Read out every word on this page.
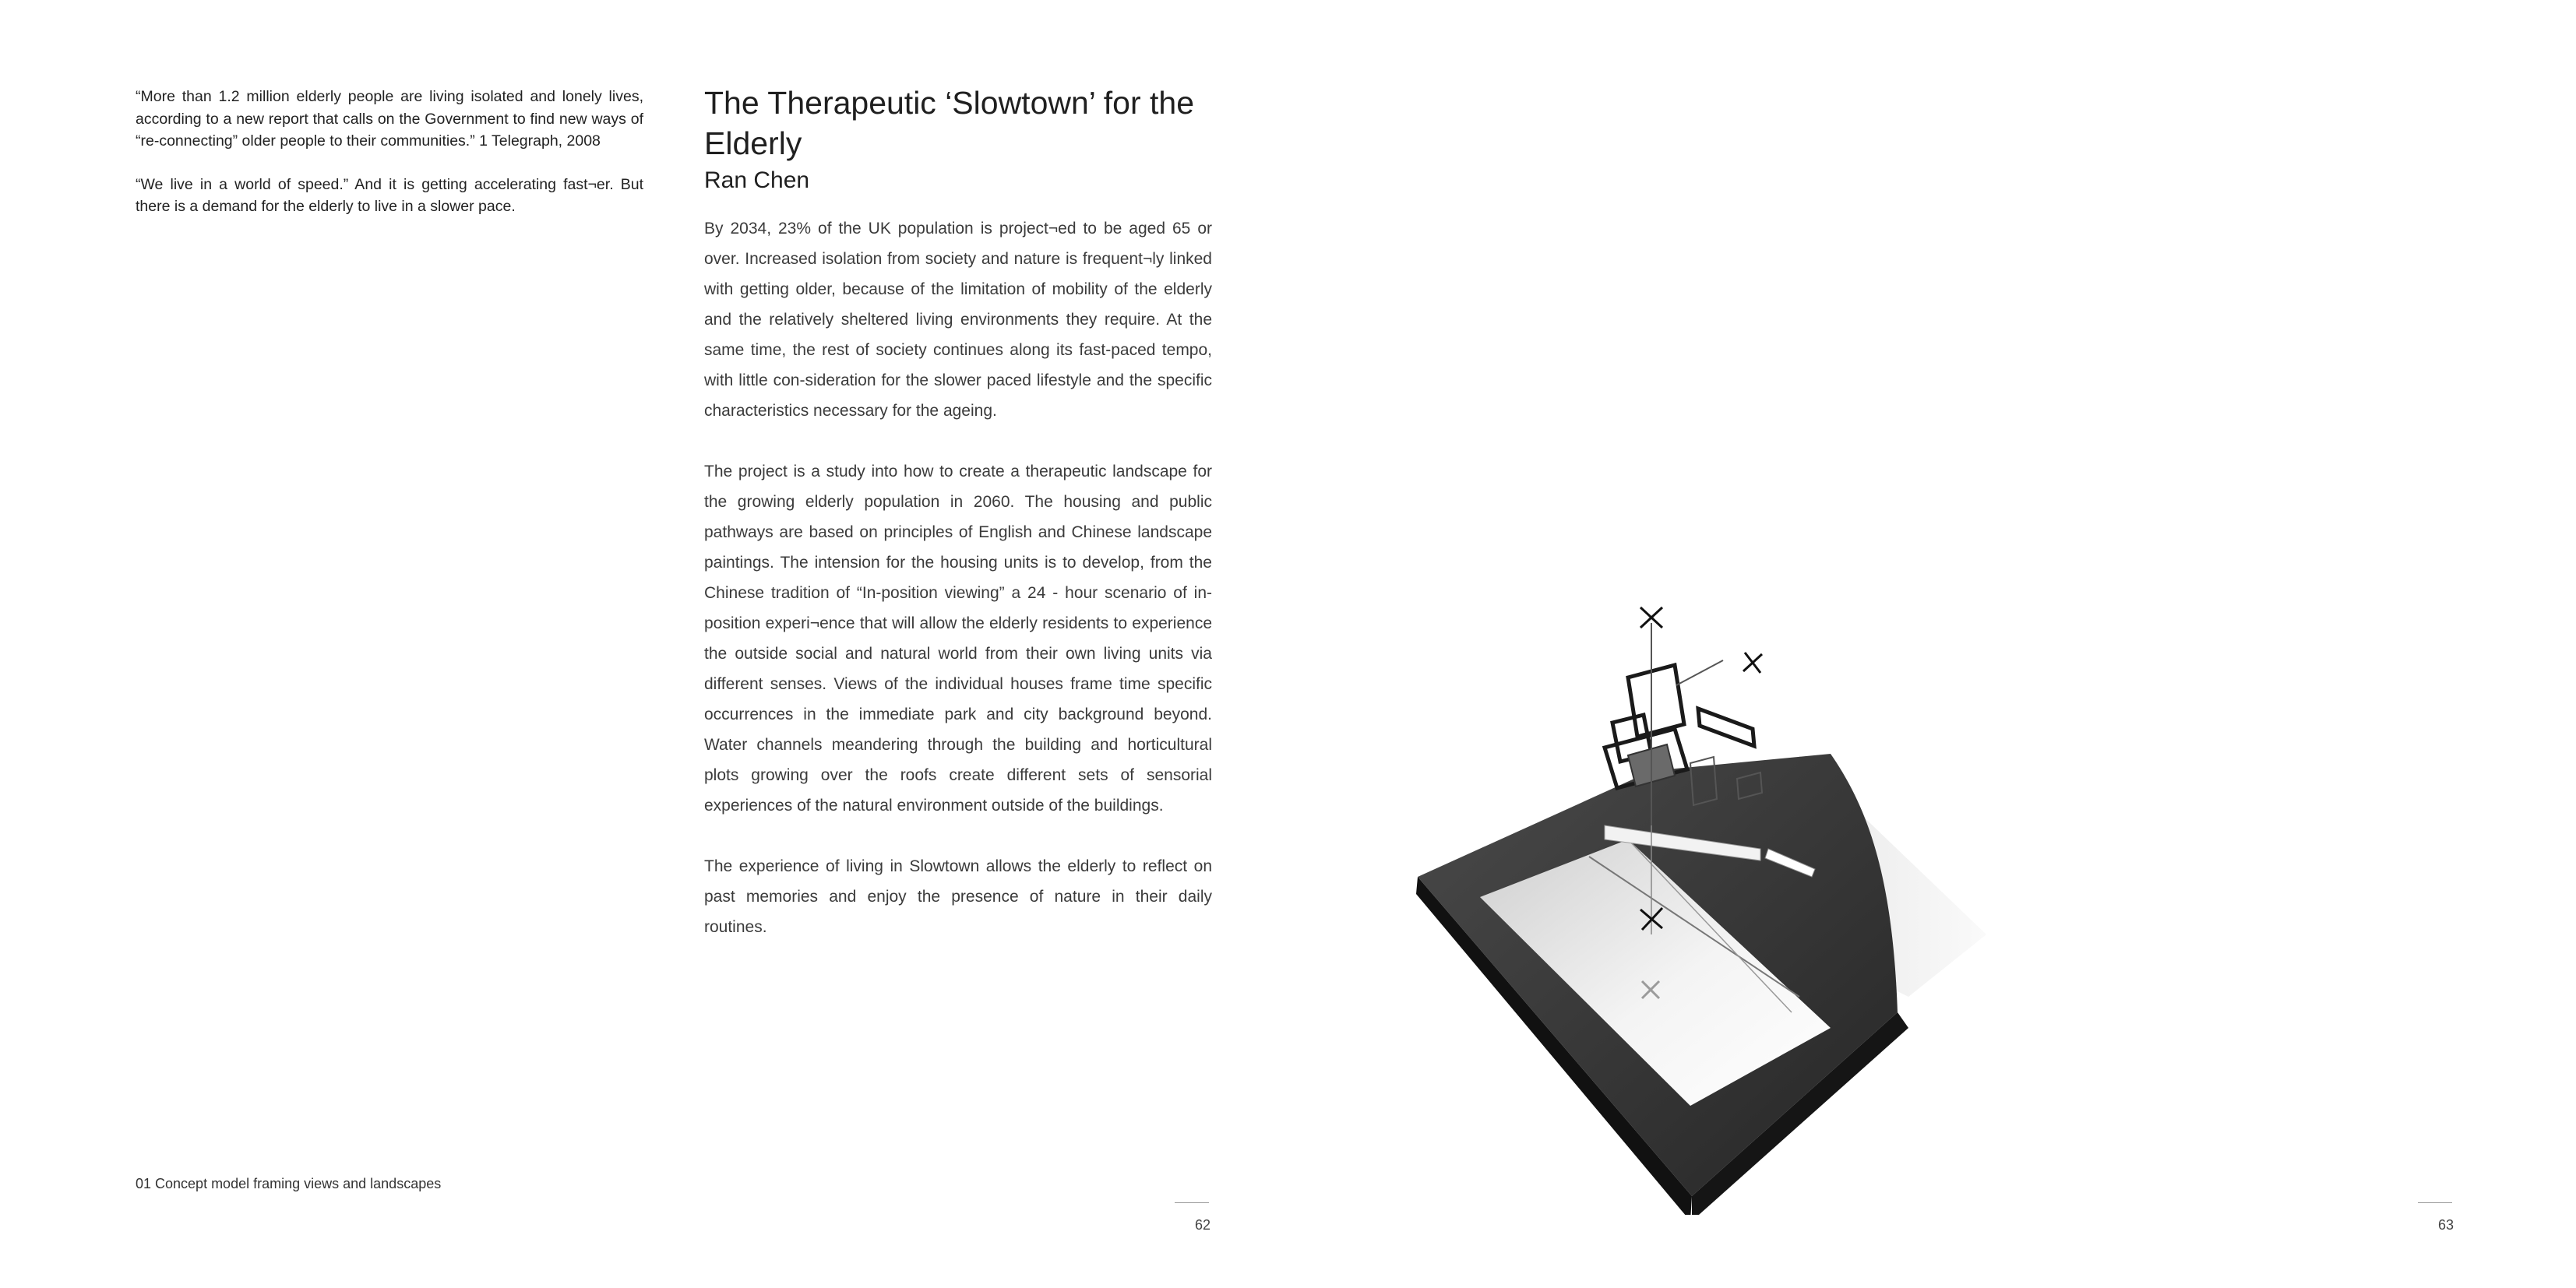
“More than 1.2 million elderly people are living isolated and lonely lives, according to a new report that calls on the Government to find new ways of “re-connecting” older people to their communities.” 1 Telegraph, 2008

“We live in a world of speed.” And it is getting accelerating fast¬er. But there is a demand for the elderly to live in a slower pace.

The Therapeutic ‘Slowtown’ for the Elderly
Ran Chen

By 2034, 23% of the UK population is project¬ed to be aged 65 or over. Increased isolation from society and nature is frequent¬ly linked with getting older, because of the limitation of mobility of the elderly and the relatively sheltered living environments they require. At the same time, the rest of society continues along its fast-paced tempo, with little con-sideration for the slower paced lifestyle and the specific characteristics necessary for the ageing.

The project is a study into how to create a therapeutic landscape for the growing elderly population in 2060. The housing and public pathways are based on principles of English and Chinese landscape paintings. The intension for the housing units is to develop, from the Chinese tradition of “In-position viewing” a 24 - hour scenario of in-position experi¬ence that will allow the elderly residents to experience the outside social and natural world from their own living units via different senses. Views of the individual houses frame time specific occurrences in the immediate park and city background beyond. Water channels meandering through the building and horticultural plots growing over the roofs create different sets of sensorial experiences of the natural environment outside of the buildings.

The experience of living in Slowtown allows the elderly to reflect on past memories and enjoy the presence of nature in their daily routines.

01 Concept model framing views and landscapes
62	63
